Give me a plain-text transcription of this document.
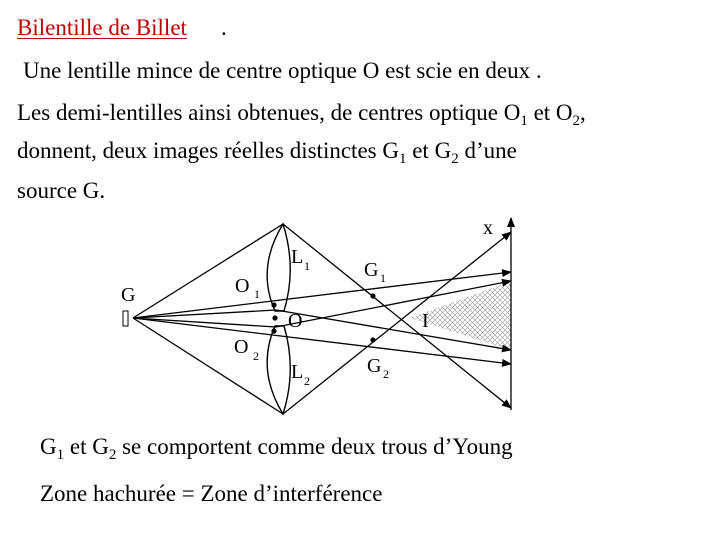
Bilentille de Billet .
Une lentille mince de centre optique O est scie en deux .
Les demi-lentilles ainsi obtenues, de centres optique $O_1$ et $O_2$,
donnent, deux images réelles distinctes $G_1$ et $G_2$ d’une
source G.
G	O 1
O
O 2
L 1
L 2
G 1
G 2
I
x
$G_1$ et $G_2$ se comportent comme deux trous d’Young
Zone hachurée = Zone d’interférence
